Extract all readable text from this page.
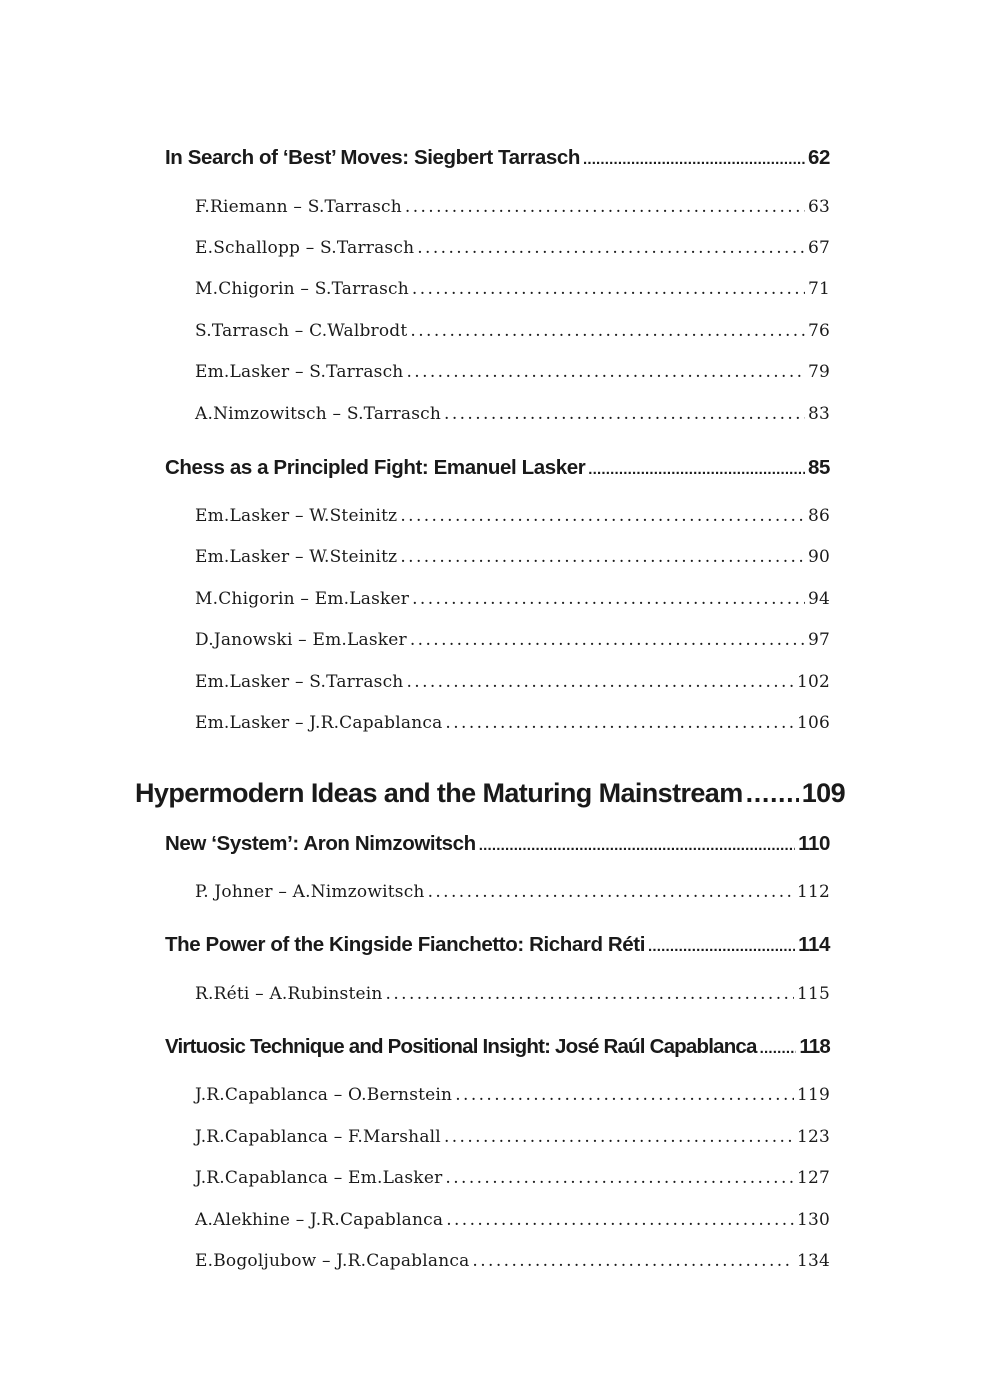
In Search of ‘Best’ Moves: Siegbert Tarrasch .....	62
F.Riemann – S.Tarrasch .....	63
E.Schallopp – S.Tarrasch .....	67
M.Chigorin – S.Tarrasch .....	71
S.Tarrasch – C.Walbrodt .....	76
Em.Lasker – S.Tarrasch .....	79
A.Nimzowitsch – S.Tarrasch .....	83
Chess as a Principled Fight: Emanuel Lasker .....	85
Em.Lasker – W.Steinitz .....	86
Em.Lasker – W.Steinitz .....	90
M.Chigorin – Em.Lasker .....	94
D.Janowski – Em.Lasker .....	97
Em.Lasker – S.Tarrasch .....	102
Em.Lasker – J.R.Capablanca .....	106
Hypermodern Ideas and the Maturing Mainstream ..... 109
New ‘System’: Aron Nimzowitsch .....	110
P. Johner – A.Nimzowitsch .....	112
The Power of the Kingside Fianchetto: Richard Réti .....	114
R.Réti – A.Rubinstein .....	115
Virtuosic Technique and Positional Insight: José Raúl Capablanca ..... 118
J.R.Capablanca – O.Bernstein .....	119
J.R.Capablanca – F.Marshall .....	123
J.R.Capablanca – Em.Lasker .....	127
A.Alekhine – J.R.Capablanca .....	130
E.Bogoljubow – J.R.Capablanca .....	134
